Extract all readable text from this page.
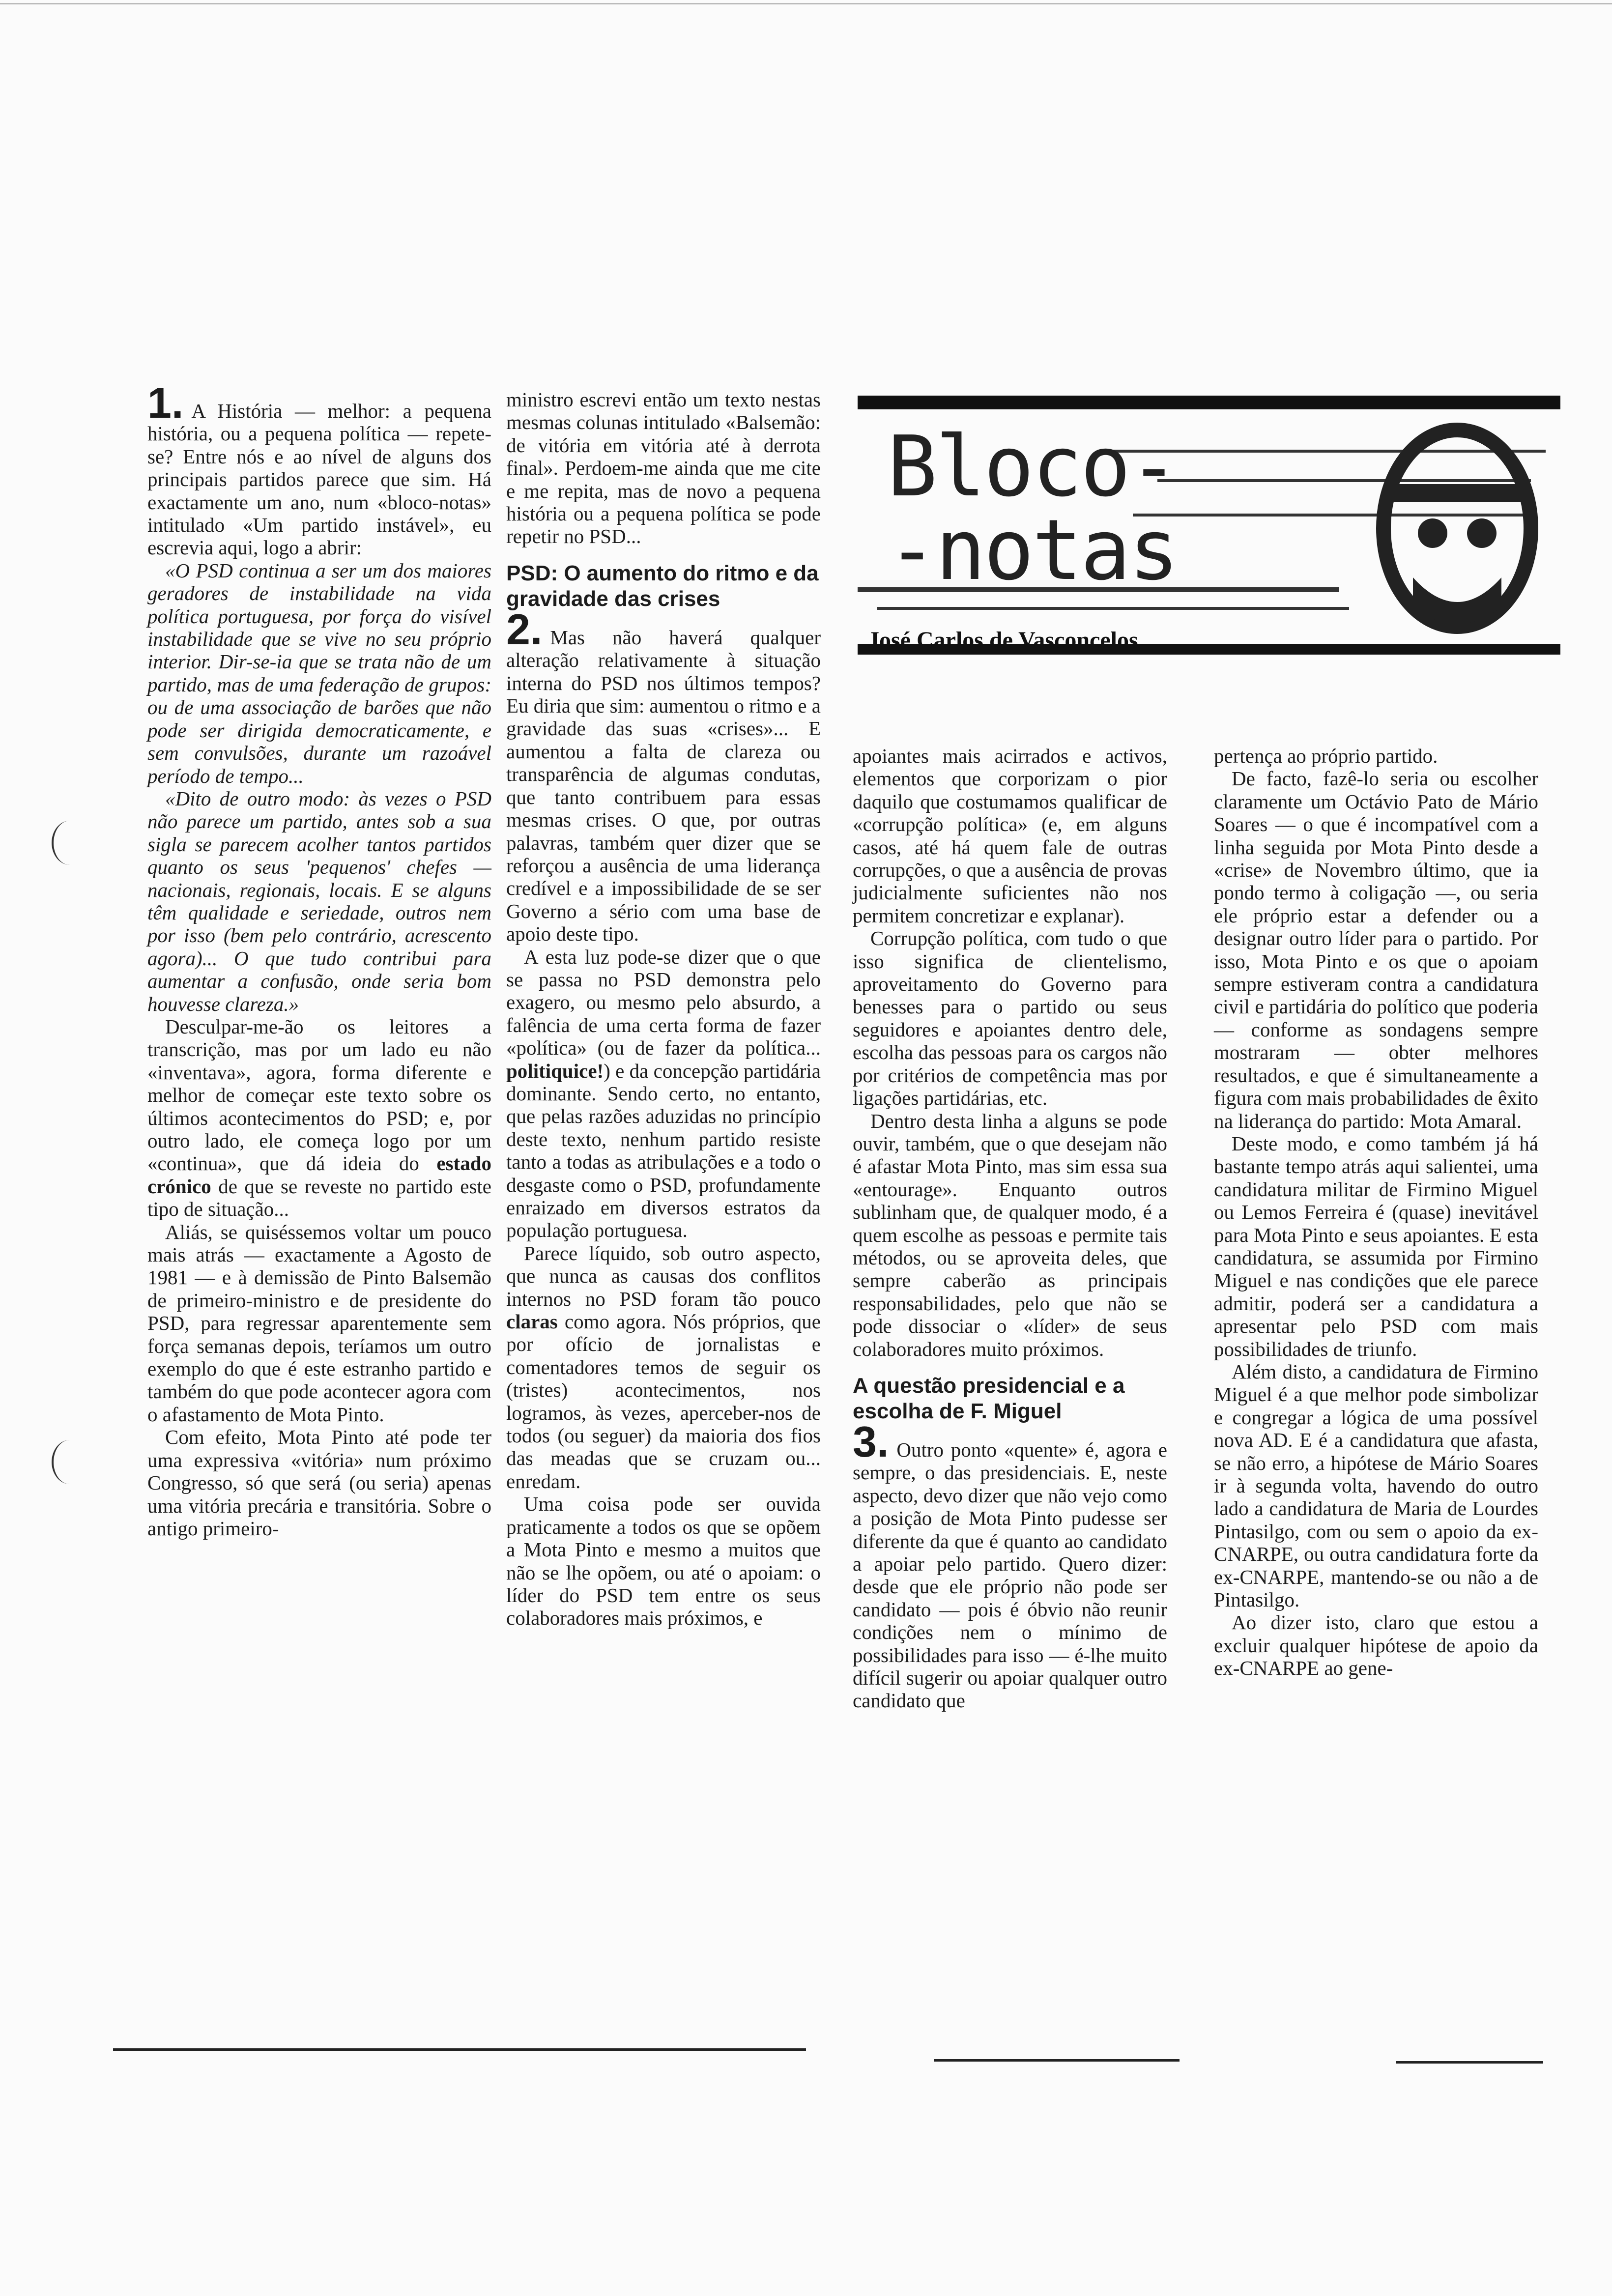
1. A História — melhor: a pequena história, ou a pequena política — repete-se? Entre nós e ao nível de alguns dos principais partidos parece que sim. Há exactamente um ano, num «bloco-notas» intitulado «Um partido instável», eu escrevia aqui, logo a abrir:

«O PSD continua a ser um dos maiores geradores de instabilidade na vida política portuguesa, por força do visível instabilidade que se vive no seu próprio interior. Dir-se-ia que se trata não de um partido, mas de uma federação de grupos: ou de uma associação de barões que não pode ser dirigida democraticamente, e sem convulsões, durante um razoável período de tempo...

«Dito de outro modo: às vezes o PSD não parece um partido, antes sob a sua sigla se parecem acolher tantos partidos quanto os seus 'pequenos' chefes — nacionais, regionais, locais. E se alguns têm qualidade e seriedade, outros nem por isso (bem pelo contrário, acrescento agora)... O que tudo contribui para aumentar a confusão, onde seria bom houvesse clareza.»

Desculpar-me-ão os leitores a transcrição, mas por um lado eu não «inventava», agora, forma diferente e melhor de começar este texto sobre os últimos acontecimentos do PSD; e, por outro lado, ele começa logo por um «continua», que dá ideia do estado crónico de que se reveste no partido este tipo de situação...

Aliás, se quiséssemos voltar um pouco mais atrás — exactamente a Agosto de 1981 — e à demissão de Pinto Balsemão de primeiro-ministro e de presidente do PSD, para regressar aparentemente sem força semanas depois, teríamos um outro exemplo do que é este estranho partido e também do que pode acontecer agora com o afastamento de Mota Pinto.

Com efeito, Mota Pinto até pode ter uma expressiva «vitória» num próximo Congresso, só que será (ou seria) apenas uma vitória precária e transitória. Sobre o antigo primeiro-

ministro escrevi então um texto nestas mesmas colunas intitulado «Balsemão: de vitória em vitória até à derrota final». Perdoem-me ainda que me cite e me repita, mas de novo a pequena história ou a pequena política se pode repetir no PSD...

PSD: O aumento do ritmo e da gravidade das crises

2. Mas não haverá qualquer alteração relativamente à situação interna do PSD nos últimos tempos? Eu diria que sim: aumentou o ritmo e a gravidade das suas «crises»... E aumentou a falta de clareza ou transparência de algumas condutas, que tanto contribuem para essas mesmas crises. O que, por outras palavras, também quer dizer que se reforçou a ausência de uma liderança credível e a impossibilidade de se ser Governo a sério com uma base de apoio deste tipo.

A esta luz pode-se dizer que o que se passa no PSD demonstra pelo exagero, ou mesmo pelo absurdo, a falência de uma certa forma de fazer «política» (ou de fazer da política... politiquice!) e da concepção partidária dominante. Sendo certo, no entanto, que pelas razões aduzidas no princípio deste texto, nenhum partido resiste tanto a todas as atribulações e a todo o desgaste como o PSD, profundamente enraizado em diversos estratos da população portuguesa.

Parece líquido, sob outro aspecto, que nunca as causas dos conflitos internos no PSD foram tão pouco claras como agora. Nós próprios, que por ofício de jornalistas e comentadores temos de seguir os (tristes) acontecimentos, nos logramos, às vezes, aperceber-nos de todos (ou seguer) da maioria dos fios das meadas que se cruzam ou... enredam.

Uma coisa pode ser ouvida praticamente a todos os que se opõem a Mota Pinto e mesmo a muitos que não se lhe opõem, ou até o apoiam: o líder do PSD tem entre os seus colaboradores mais próximos, e

Bloco-
-notas
José Carlos de Vasconcelos

apoiantes mais acirrados e activos, elementos que corporizam o pior daquilo que costumamos qualificar de «corrupção política» (e, em alguns casos, até há quem fale de outras corrupções, o que a ausência de provas judicialmente suficientes não nos permitem concretizar e explanar).

Corrupção política, com tudo o que isso significa de clientelismo, aproveitamento do Governo para benesses para o partido ou seus seguidores e apoiantes dentro dele, escolha das pessoas para os cargos não por critérios de competência mas por ligações partidárias, etc.

Dentro desta linha a alguns se pode ouvir, também, que o que desejam não é afastar Mota Pinto, mas sim essa sua «entourage». Enquanto outros sublinham que, de qualquer modo, é a quem escolhe as pessoas e permite tais métodos, ou se aproveita deles, que sempre caberão as principais responsabilidades, pelo que não se pode dissociar o «líder» de seus colaboradores muito próximos.

A questão presidencial e a escolha de F. Miguel

3. Outro ponto «quente» é, agora e sempre, o das presidenciais. E, neste aspecto, devo dizer que não vejo como a posição de Mota Pinto pudesse ser diferente da que é quanto ao candidato a apoiar pelo partido. Quero dizer: desde que ele próprio não pode ser candidato — pois é óbvio não reunir condições nem o mínimo de possibilidades para isso — é-lhe muito difícil sugerir ou apoiar qualquer outro candidato que

pertença ao próprio partido.

De facto, fazê-lo seria ou escolher claramente um Octávio Pato de Mário Soares — o que é incompatível com a linha seguida por Mota Pinto desde a «crise» de Novembro último, que ia pondo termo à coligação —, ou seria ele próprio estar a defender ou a designar outro líder para o partido. Por isso, Mota Pinto e os que o apoiam sempre estiveram contra a candidatura civil e partidária do político que poderia — conforme as sondagens sempre mostraram — obter melhores resultados, e que é simultaneamente a figura com mais probabilidades de êxito na liderança do partido: Mota Amaral.

Deste modo, e como também já há bastante tempo atrás aqui salientei, uma candidatura militar de Firmino Miguel ou Lemos Ferreira é (quase) inevitável para Mota Pinto e seus apoiantes. E esta candidatura, se assumida por Firmino Miguel e nas condições que ele parece admitir, poderá ser a candidatura a apresentar pelo PSD com mais possibilidades de triunfo.

Além disto, a candidatura de Firmino Miguel é a que melhor pode simbolizar e congregar a lógica de uma possível nova AD. E é a candidatura que afasta, se não erro, a hipótese de Mário Soares ir à segunda volta, havendo do outro lado a candidatura de Maria de Lourdes Pintasilgo, com ou sem o apoio da ex-CNARPE, ou outra candidatura forte da ex-CNARPE, mantendo-se ou não a de Pintasilgo.

Ao dizer isto, claro que estou a excluir qualquer hipótese de apoio da ex-CNARPE ao gene-
